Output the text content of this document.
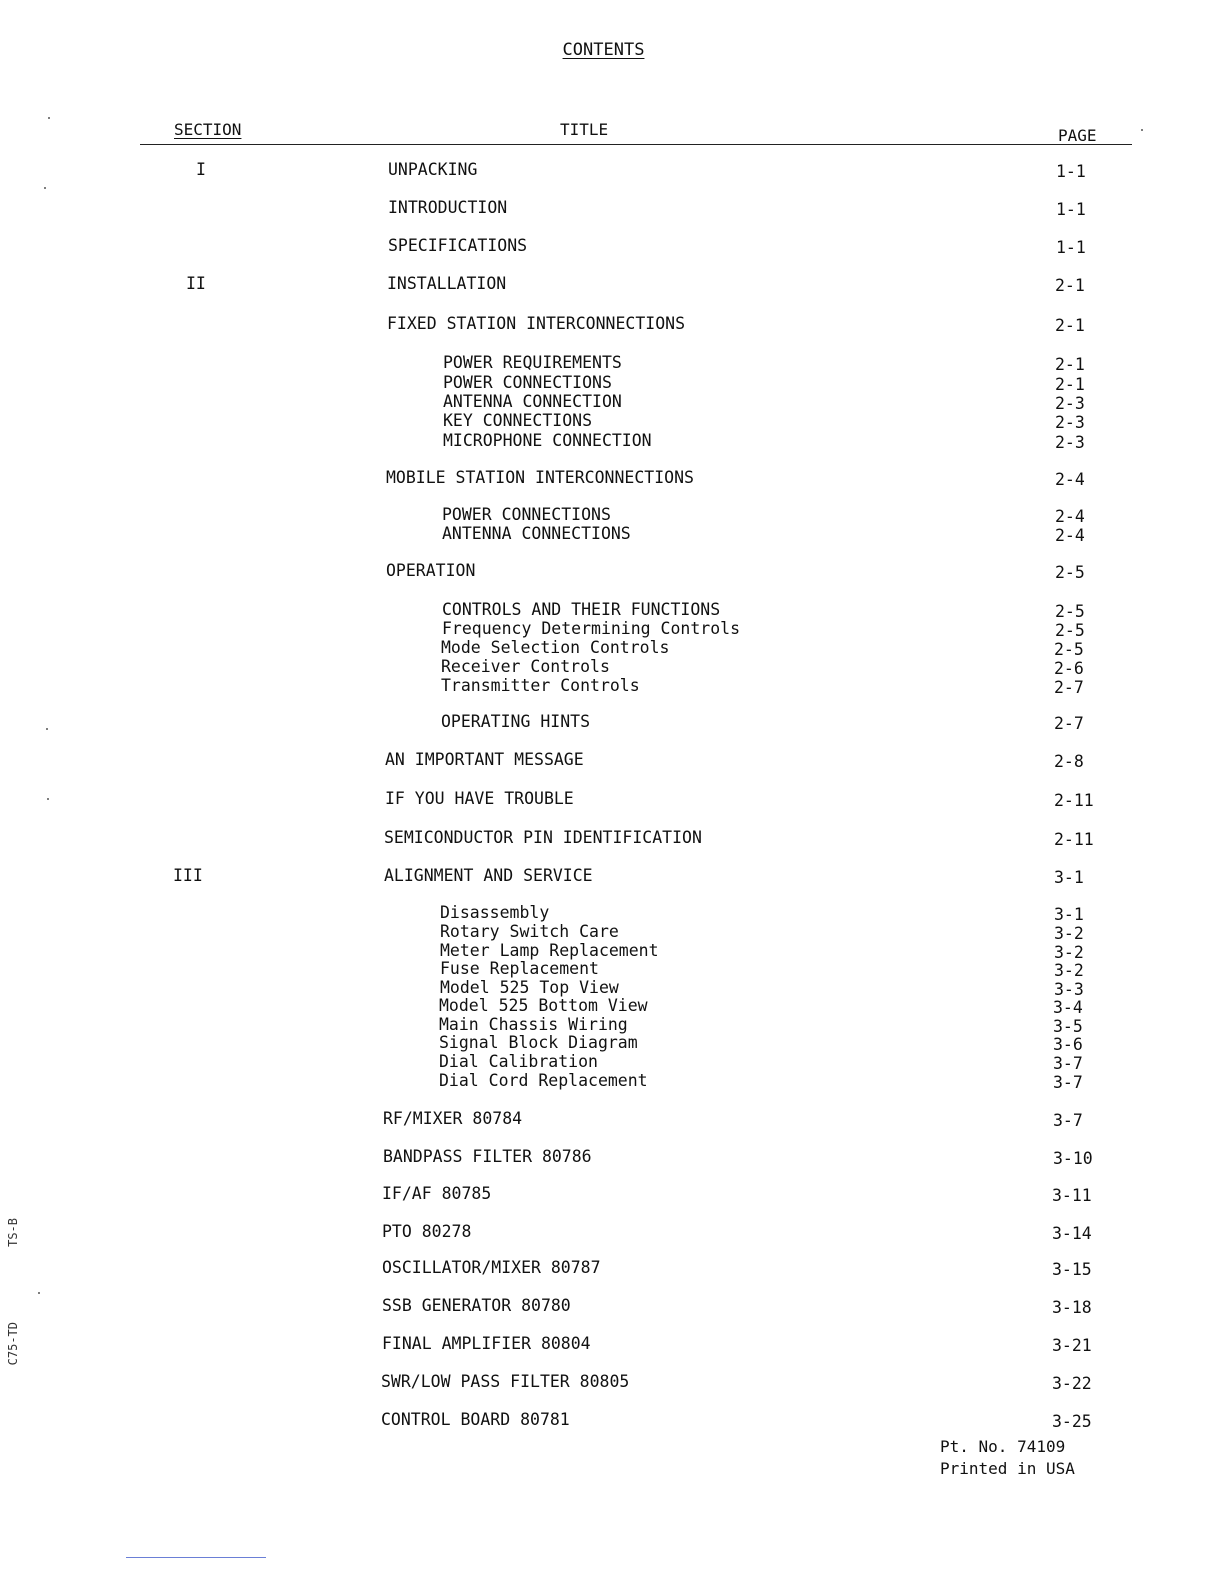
CONTENTS
SECTION	TITLE	PAGE
I	UNPACKING	1-1
INTRODUCTION	1-1
SPECIFICATIONS	1-1
II	INSTALLATION	2-1
FIXED STATION INTERCONNECTIONS	2-1
POWER REQUIREMENTS	2-1
POWER CONNECTIONS	2-1
ANTENNA CONNECTION	2-3
KEY CONNECTIONS	2-3
MICROPHONE CONNECTION	2-3
MOBILE STATION INTERCONNECTIONS	2-4
POWER CONNECTIONS	2-4
ANTENNA CONNECTIONS	2-4
OPERATION	2-5
CONTROLS AND THEIR FUNCTIONS	2-5
Frequency Determining Controls	2-5
Mode Selection Controls	2-5
Receiver Controls	2-6
Transmitter Controls	2-7
OPERATING HINTS	2-7
AN IMPORTANT MESSAGE	2-8
IF YOU HAVE TROUBLE	2-11
SEMICONDUCTOR PIN IDENTIFICATION	2-11
III	ALIGNMENT AND SERVICE	3-1
Disassembly	3-1
Rotary Switch Care	3-2
Meter Lamp Replacement	3-2
Fuse Replacement	3-2
Model 525 Top View	3-3
Model 525 Bottom View	3-4
Main Chassis Wiring	3-5
Signal Block Diagram	3-6
Dial Calibration	3-7
Dial Cord Replacement	3-7
RF/MIXER 80784	3-7
BANDPASS FILTER 80786	3-10
IF/AF 80785	3-11
PTO 80278	3-14
OSCILLATOR/MIXER 80787	3-15
SSB GENERATOR 80780	3-18
FINAL AMPLIFIER 80804	3-21
SWR/LOW PASS FILTER 80805	3-22
CONTROL BOARD 80781	3-25
Pt. No. 74109
Printed in USA
TS-B
C75-TD
